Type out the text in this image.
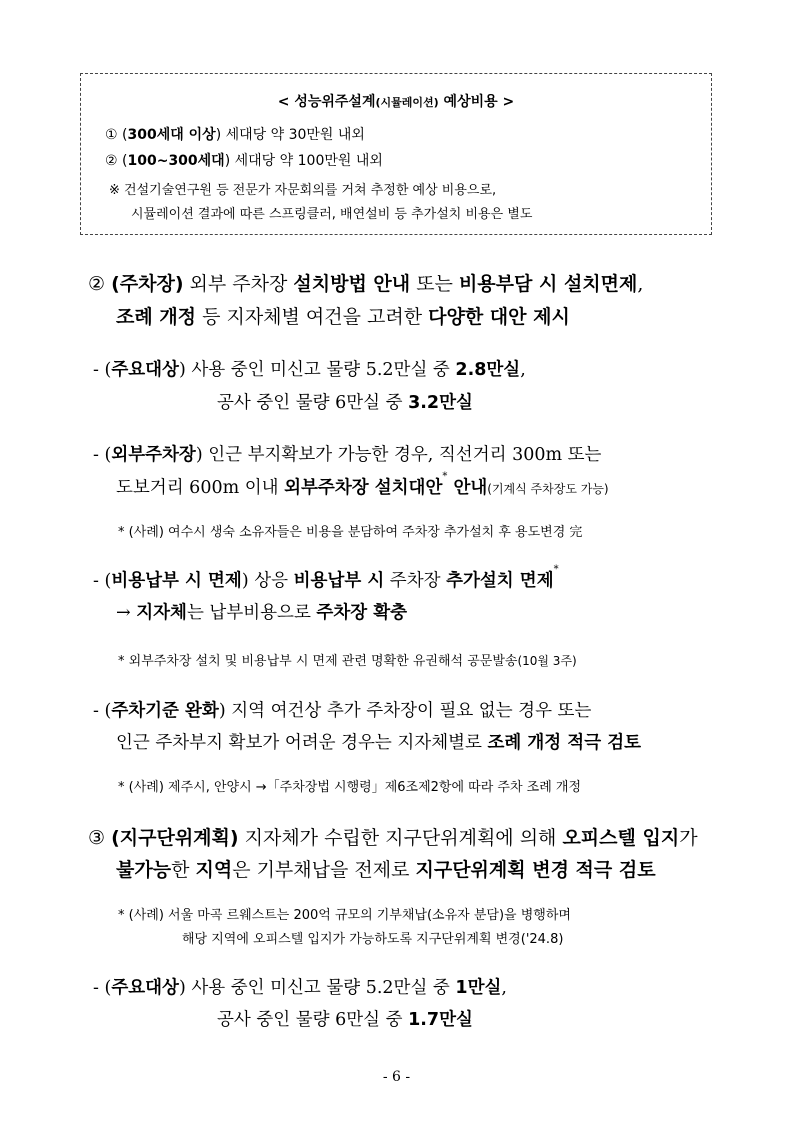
< 성능위주설계(시뮬레이션) 예상비용 >
① (300세대 이상) 세대당 약 30만원 내외
② (100~300세대) 세대당 약 100만원 내외
※ 건설기술연구원 등 전문가 자문회의를 거쳐 추정한 예상 비용으로,
시뮬레이션 결과에 따른 스프링클러, 배연설비 등 추가설치 비용은 별도
② (주차장) 외부 주차장 설치방법 안내 또는 비용부담 시 설치면제,
조례 개정 등 지자체별 여건을 고려한 다양한 대안 제시
- (주요대상) 사용 중인 미신고 물량 5.2만실 중 2.8만실,
공사 중인 물량 6만실 중 3.2만실
- (외부주차장) 인근 부지확보가 가능한 경우, 직선거리 300m 또는
도보거리 600m 이내 외부주차장 설치대안* 안내(기계식 주차장도 가능)
* (사례) 여수시 생숙 소유자들은 비용을 분담하여 주차장 추가설치 후 용도변경 完
- (비용납부 시 면제) 상응 비용납부 시 주차장 추가설치 면제*
→ 지자체는 납부비용으로 주차장 확충
* 외부주차장 설치 및 비용납부 시 면제 관련 명확한 유권해석 공문발송(10월 3주)
- (주차기준 완화) 지역 여건상 추가 주차장이 필요 없는 경우 또는
인근 주차부지 확보가 어려운 경우는 지자체별로 조례 개정 적극 검토
* (사례) 제주시, 안양시 →「주차장법 시행령」제6조제2항에 따라 주차 조례 개정
③ (지구단위계획) 지자체가 수립한 지구단위계획에 의해 오피스텔 입지가
불가능한 지역은 기부채납을 전제로 지구단위계획 변경 적극 검토
* (사례) 서울 마곡 르웨스트는 200억 규모의 기부채납(소유자 분담)을 병행하며
해당 지역에 오피스텔 입지가 가능하도록 지구단위계획 변경('24.8)
- (주요대상) 사용 중인 미신고 물량 5.2만실 중 1만실,
공사 중인 물량 6만실 중 1.7만실
- 6 -
